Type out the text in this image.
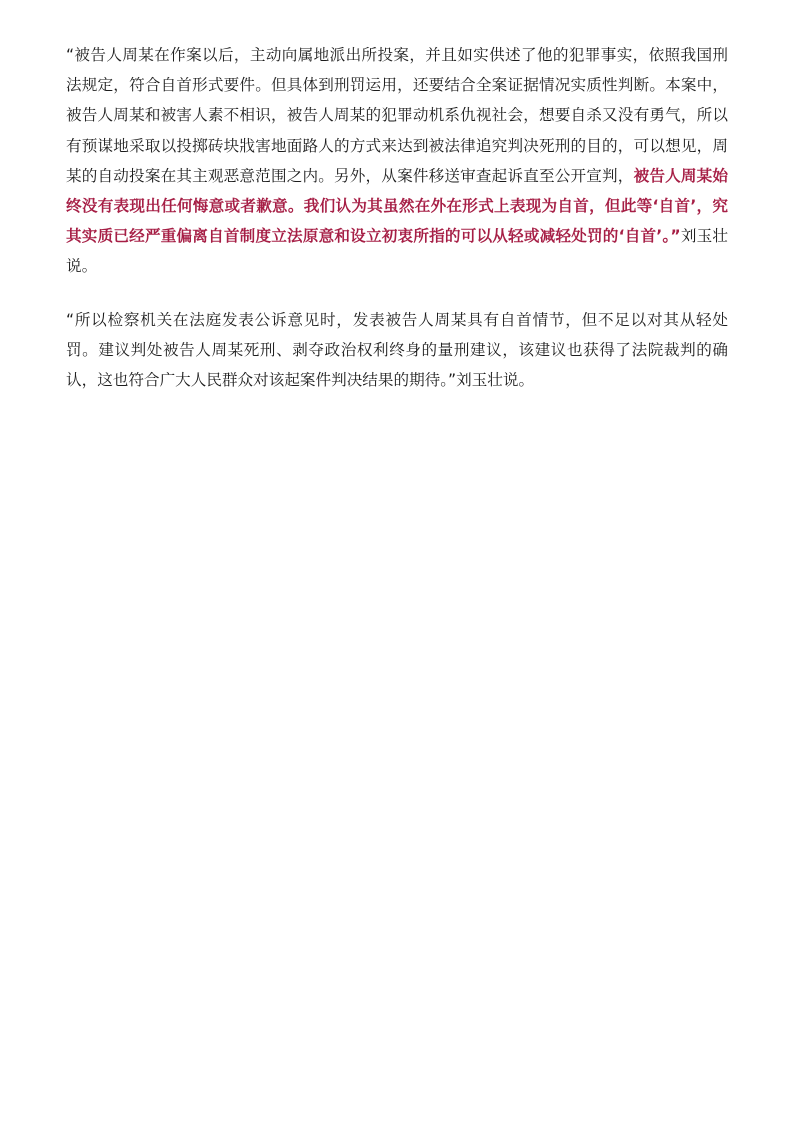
“被告人周某在作案以后，主动向属地派出所投案，并且如实供述了他的犯罪事实，依照我国刑法规定，符合自首形式要件。但具体到刑罚运用，还要结合全案证据情况实质性判断。本案中，被告人周某和被害人素不相识，被告人周某的犯罪动机系仇视社会，想要自杀又没有勇气，所以有预谋地采取以投掷砖块戕害地面路人的方式来达到被法律追究判决死刑的目的，可以想见，周某的自动投案在其主观恶意范围之内。另外，从案件移送审查起诉直至公开宣判，被告人周某始终没有表现出任何悔意或者歉意。我们认为其虽然在外在形式上表现为自首，但此等‘自首’，究其实质已经严重偏离自首制度立法原意和设立初衷所指的可以从轻或减轻处罚的‘自首’。”刘玉壮说。

“所以检察机关在法庭发表公诉意见时，发表被告人周某具有自首情节，但不足以对其从轻处罚。建议判处被告人周某死刑、剥夺政治权利终身的量刑建议，该建议也获得了法院裁判的确认，这也符合广大人民群众对该起案件判决结果的期待。”刘玉壮说。
